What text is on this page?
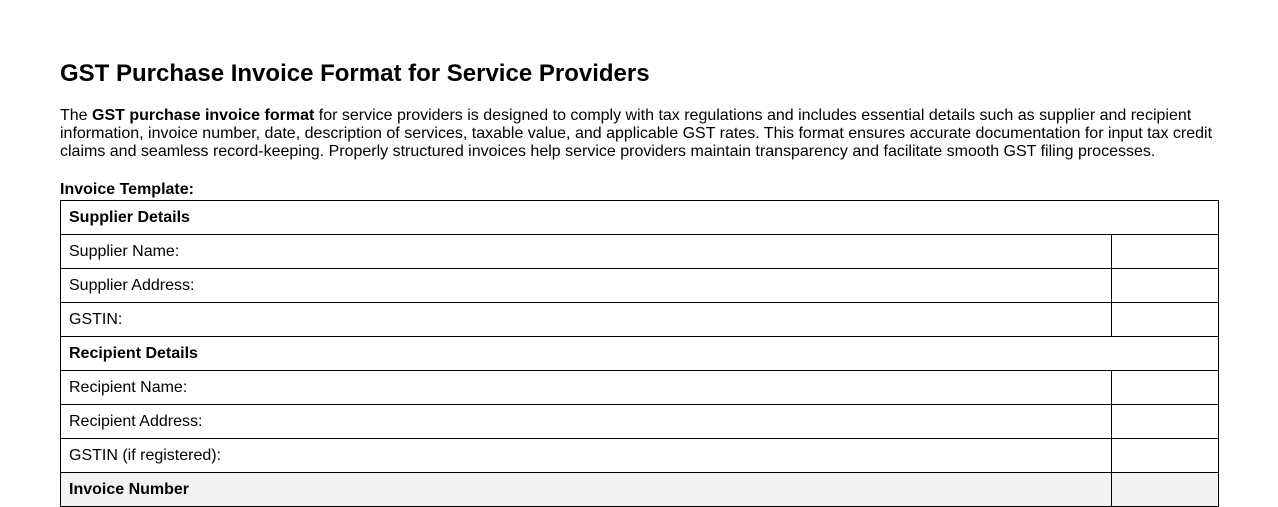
GST Purchase Invoice Format for Service Providers

The GST purchase invoice format for service providers is designed to comply with tax regulations and includes essential details such as supplier and recipient information, invoice number, date, description of services, taxable value, and applicable GST rates. This format ensures accurate documentation for input tax credit claims and seamless record-keeping. Properly structured invoices help service providers maintain transparency and facilitate smooth GST filing processes.

Invoice Template:

Supplier Details	
Supplier Name:	
Supplier Address:	
GSTIN:	
Recipient Details	
Recipient Name:	
Recipient Address:	
GSTIN (if registered):	
Invoice Number	
